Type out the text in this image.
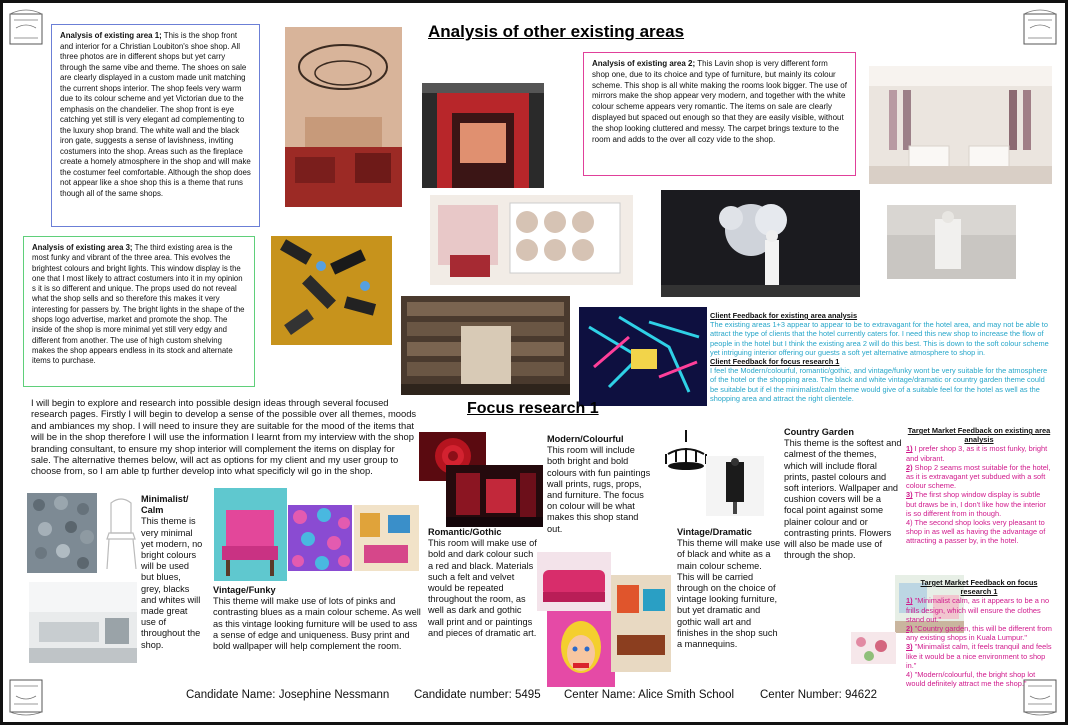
Analysis of other existing areas
Analysis of existing area 1; This is the shop front and interior for a Christian Loubiton's shoe shop. All three photos are in different shops but yet carry through the same vibe and theme. The shoes on sale are clearly displayed in a custom made unit matching the current shops interior. The shop feels very warm due to its colour scheme and yet Victorian due to the emphasis on the chandelier. The shop front is eye catching yet still is very elegant ad complementing to the luxury shop brand. The white wall and the black iron gate, suggests a sense of lavishness, inviting costumers into the shop. Areas such as the fireplace create a homely atmosphere in the shop and will make the costumer feel comfortable. Although the shop does not appear like a shoe shop this is a theme that runs though all of the same shops.
Analysis of existing area 2; This Lavin shop is very different form shop one, due to its choice and type of furniture, but mainly its colour scheme. This shop is all white making the rooms look bigger. The use of mirrors make the shop appear very modern, and together with the white colour scheme appears very romantic. The items on sale are clearly displayed but spaced out enough so that they are easily visible, without the shop looking cluttered and messy. The carpet brings texture to the room and adds to the over all cozy vide to the shop.
Analysis of existing area 3; The third existing area is the most funky and vibrant of the three area. This evolves the brightest colours and bright lights. This window display is the one that I most likely to attract costumers into it in my opinion s it is so different and unique. The props used do not reveal what the shop sells and so therefore this makes it very interesting for passers by. The bright lights in the shape of the shops logo advertise, market and promote the shop. The inside of the shop is more minimal yet still very edgy and different from another. The use of high custom shelving makes the shop appears endless in its stock and alternate items to purchase.
Client Feedback for existing area analysis
The existing areas 1+3 appear to appear to be to extravagant for the hotel area, and may not be able to attract the type of clients that the hotel currently caters for. I need this new shop to increase the flow of people in the hotel but I think the existing area 2 will do this best. This is down to the soft colour scheme yet intriguing interior offering our guests a soft yet alternative atmosphere to shop in.
Client Feedback for focus research 1
I feel the Modern/colourful, romantic/gothic, and vintage/funky wont be very suitable for the atmosphere of the hotel or the shopping area. The black and white vintage/dramatic or country garden theme could be suitable but if el the minimalist/calm theme would give of a suitable feel for the hotel as well as the shopping area and attract the right clientele.
I will begin to explore and research into possible design ideas through several focused research pages. Firstly I will begin to develop a sense of the possible over all themes, moods and ambiances my shop. I will need to insure they are suitable for the mood of the items that will be in the shop therefore I will use the information I learnt from my interview with the shop branding consultant, to ensure my shop interior will complement the items on display for sale. The alternative themes below, will act as options for my client and my user group to choose from, so I am able tp further develop into what specificly wil go in the shop.
Focus research 1
Minimalist/ Calm
This theme is very minimal yet modern, no bright colours will be used but blues, grey, blacks and whites will made great use of throughout the shop.
Vintage/Funky
This theme will make use of lots of pinks and contrasting blues as a main colour scheme. As well as this vintage looking furniture will be used to ass a sense of edge and uniqueness. Busy print and bold wallpaper will help complement the room.
Romantic/Gothic
This room will make use of bold and dark colour such a red and black. Materials such a felt and velvet would be repeated throughout the room, as well as dark and gothic wall print and or paintings and pieces of dramatic art.
Modern/Colourful
This room will include both bright and bold colours with fun paintings wall prints, rugs, props, and furniture. The focus on colour will be what makes this shop stand out.	Vintage/Dramatic
This theme will make use of black and white as a main colour scheme. This will be carried through on the choice of vintage looking furniture, but yet dramatic and gothic wall art and finishes in the shop such a mannequins.
Country Garden
This theme is the softest and calmest of the themes, which will include floral prints, pastel colours and soft interiors. Wallpaper and cushion covers will be a focal point against some plainer colour and or contrasting prints. Flowers will also be made use of through the shop.
Target Market Feedback on existing area analysis
1) I prefer shop 3, as it is most funky, bright and vibrant.
2) Shop 2 seams most suitable for the hotel, as it is extravagant yet subdued with a soft colour scheme.
3) The first shop window display is subtle but draws be in, I don't like how the interior is so different from in though.
4) The second shop looks very pleasant to shop in as well as having the advantage of attracting a passer by, in the hotel.
Target Market Feedback on focus research 1
1) "Minimalist calm, as it appears to be a no frills design, which will ensure the clothes stand out."
2) "Country garden, this will be different from any existing shops in Kuala Lumpur."
3) "Minimalist calm, it feels tranquil and feels like it would be a nice environment to shop in."
4) "Modern/colourful, the bright shop lot would definitely attract me the shop."
Candidate Name: Josephine Nessmann Candidate number: 5495 Center Name: Alice Smith School Center Number: 94622
